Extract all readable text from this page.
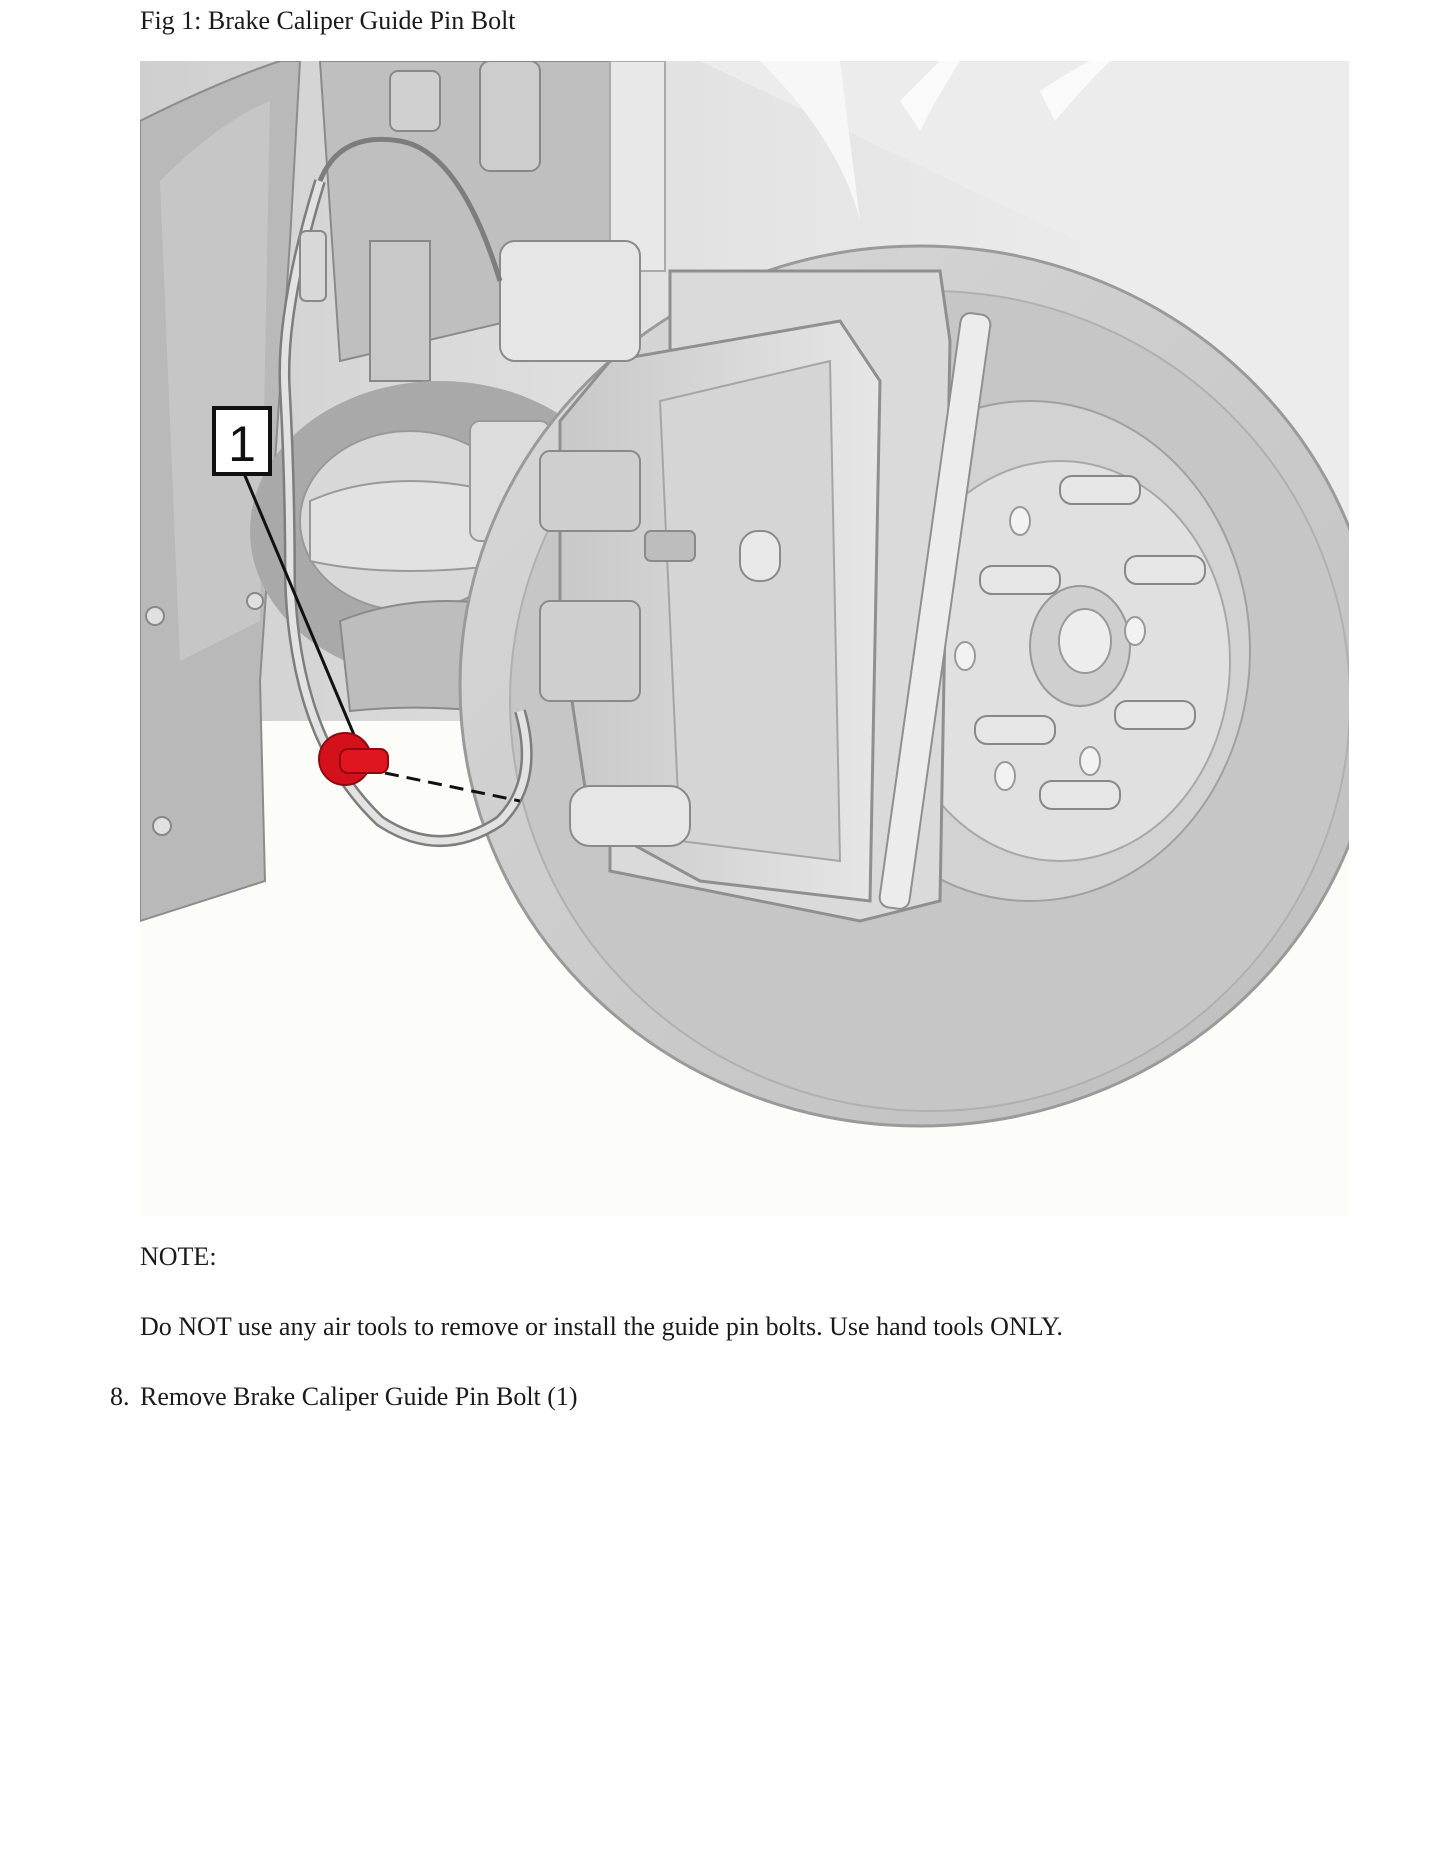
Fig 1: Brake Caliper Guide Pin Bolt
1
NOTE:
Do NOT use any air tools to remove or install the guide pin bolts. Use hand tools ONLY.
8. Remove Brake Caliper Guide Pin Bolt (1)
